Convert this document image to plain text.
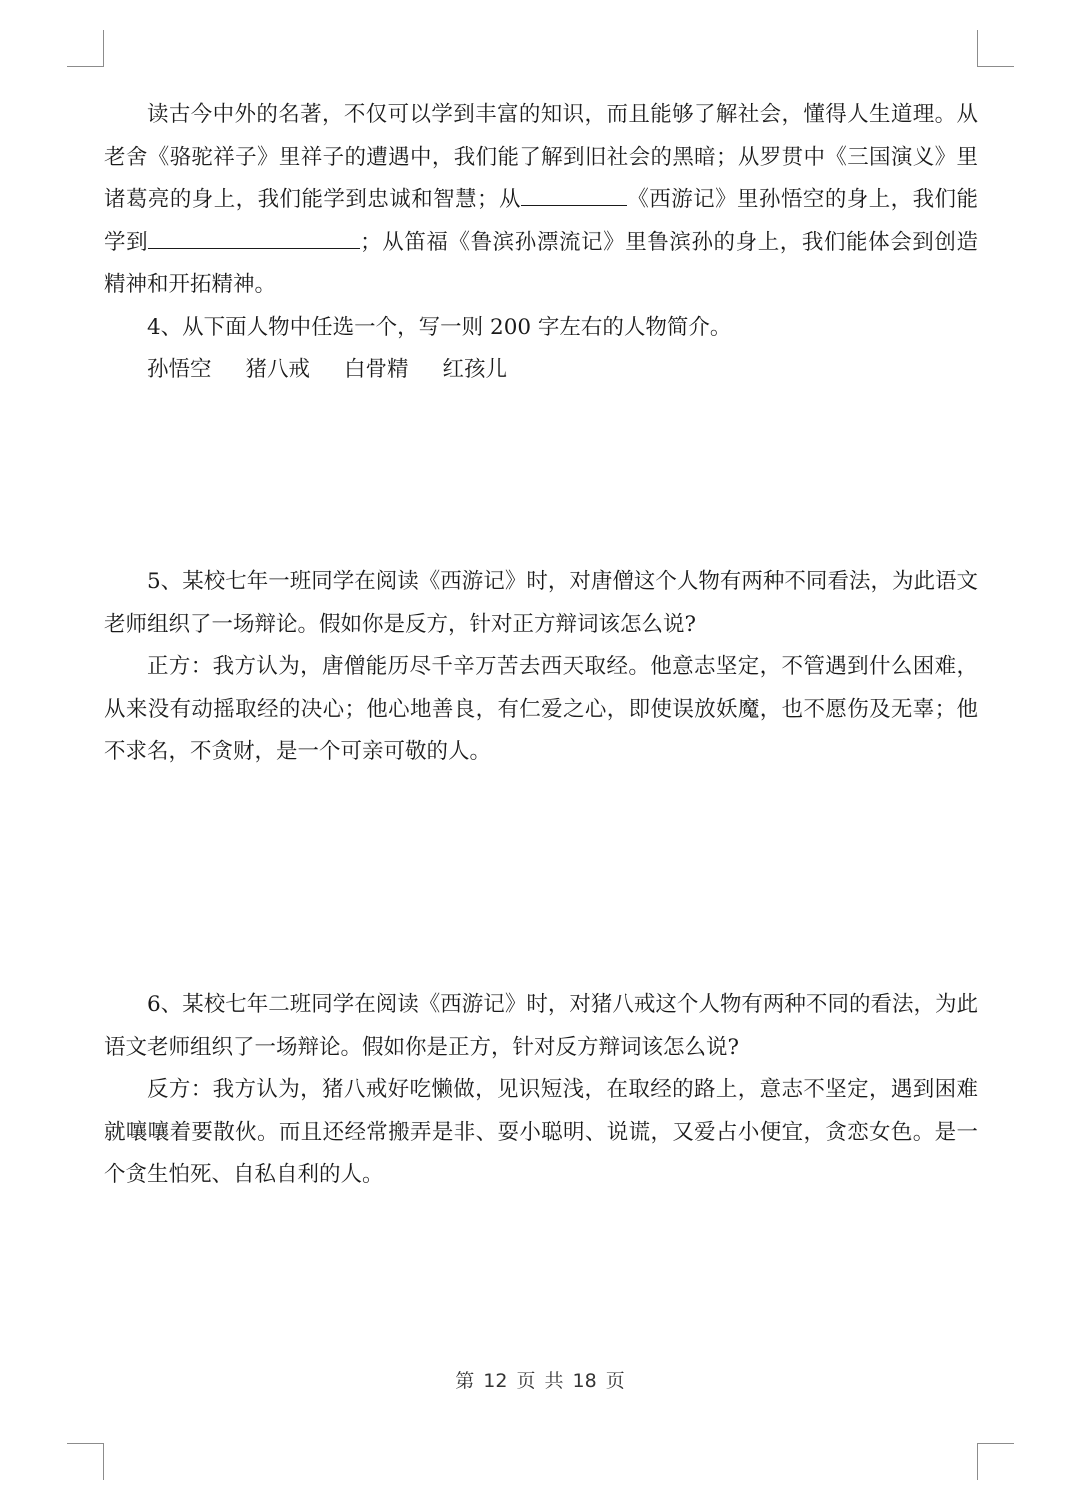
读古今中外的名著，不仅可以学到丰富的知识，而且能够了解社会，懂得人生道理。从老舍《骆驼祥子》里祥子的遭遇中，我们能了解到旧社会的黑暗；从罗贯中《三国演义》里诸葛亮的身上，我们能学到忠诚和智慧；从	《西游记》里孙悟空的身上，我们能学到	；从笛福《鲁滨孙漂流记》里鲁滨孙的身上，我们能体会到创造精神和开拓精神。

4、从下面人物中任选一个，写一则 200 字左右的人物简介。

孙悟空 猪八戒 白骨精 红孩儿

5、某校七年一班同学在阅读《西游记》时，对唐僧这个人物有两种不同看法，为此语文老师组织了一场辩论。假如你是反方，针对正方辩词该怎么说?

正方：我方认为，唐僧能历尽千辛万苦去西天取经。他意志坚定，不管遇到什么困难，从来没有动摇取经的决心；他心地善良，有仁爱之心，即使误放妖魔，也不愿伤及无辜；他不求名，不贪财，是一个可亲可敬的人。

6、某校七年二班同学在阅读《西游记》时，对猪八戒这个人物有两种不同的看法，为此语文老师组织了一场辩论。假如你是正方，针对反方辩词该怎么说?

反方：我方认为，猪八戒好吃懒做，见识短浅，在取经的路上，意志不坚定，遇到困难就嚷嚷着要散伙。而且还经常搬弄是非、耍小聪明、说谎，又爱占小便宜，贪恋女色。是一个贪生怕死、自私自利的人。

第 12 页 共 18 页
